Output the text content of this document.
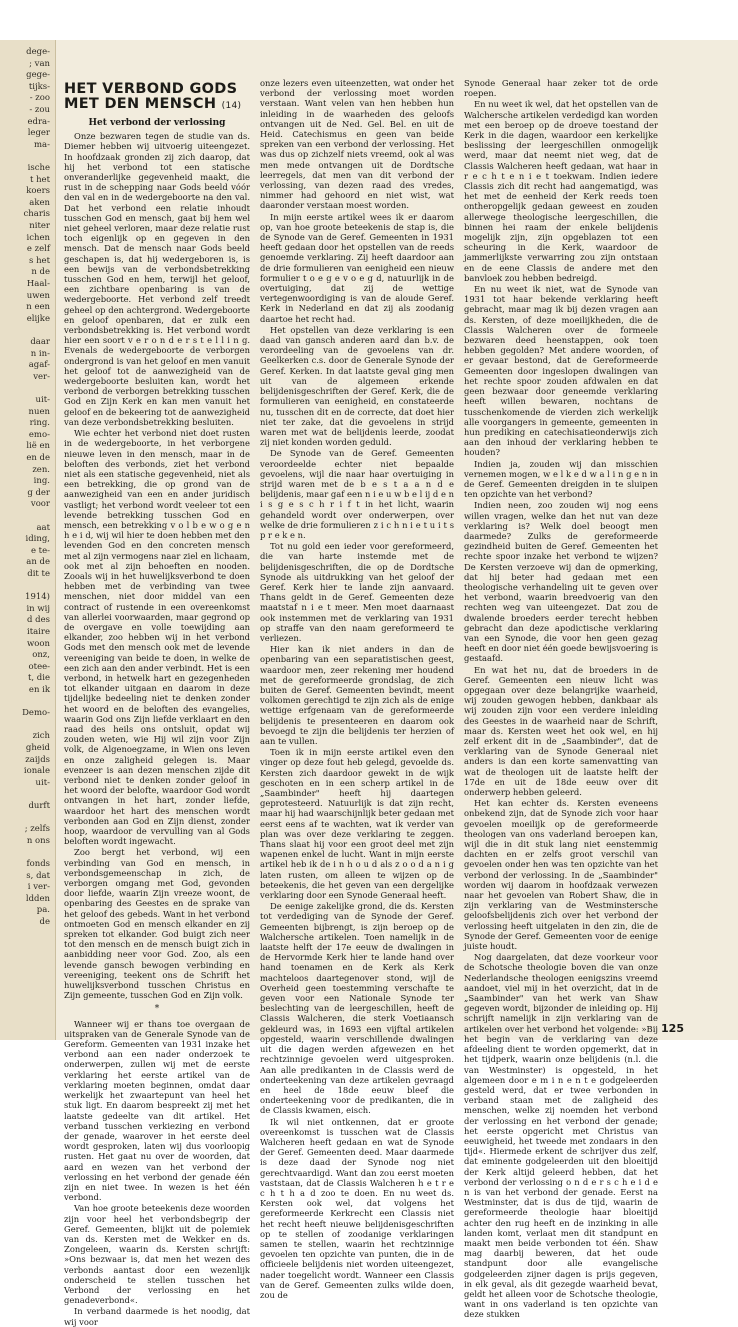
dege-
; van
gege-
tijks-
- zoo
- zou
edra-
leger
ma-
ische
t het
koers
aken
charis
niter
ichen
e zelf
s het
n de
Haal-
uwen
n een
elijke
daar
n in-
agaf-
ver-
uit-
nuen
ring.
emo-
lië en
en de
zen.
ing.
g der
voor
aat
iding,
e te-
an de
dit te
1914)
in wij
d des
itaire
woon
onz,
otee-
t, die
en ik
Demo-
zich
gheid
zaijds
ionale
uit-
durft
; zelfs
n ons
fonds
s, dat
i ver-
ldden
pa.
de
HET VERBOND GODS
MET DEN MENSCH (14)
Het verbond der verlossing

Onze bezwaren tegen de studie van ds. Diemer hebben wij uitvoerig uiteengezet. In hoofdzaak gronden zij zich daarop, dat hij het verbond tot een statische onveranderlijke gegevenheid maakt, die rust in de schepping naar Gods beeld vóór den val en in de wedergeboorte na den val. Dat het verbond een relatie inhoudt tusschen God en mensch, gaat bij hem wel niet geheel verloren, maar deze relatie rust toch eigenlijk op en gegeven in den mensch. Dat de mensch naar Gods beeld geschapen is, dat hij wedergeboren is, is een bewijs van de verbondsbetrekking tusschen God en hem, terwijl het geloof, een zichtbare openbaring is van de wedergeboorte. Het verbond zelf treedt geheel op den achtergrond. Wedergeboorte en geloof openbaren, dat er zulk een verbondsbetrekking is. Het verbond wordt hier een soort v e r o n d e r s t e l l i n g. Evenals de wedergeboorte de verborgen ondergrond is van het geloof en men vanuit het geloof tot de aanwezigheid van de wedergeboorte besluiten kan, wordt het verbond de verborgen betrekking tusschen God en Zijn Kerk en kan men vanuit het geloof en de bekeering tot de aanwezigheid van deze verbondsbetrekking besluiten.

Wie echter het verbond niet doet rusten in de wedergeboorte, in het verborgene nieuwe leven in den mensch, maar in de beloften des verbonds, ziet het verbond niet als een statische gegevenheid, niet als een betrekking, die op grond van de aanwezigheid van een en ander juridisch vastligt; het verbond wordt veeleer tot een levende betrekking tusschen God en mensch, een betrekking v o l b e w o g e n h e i d, wij wil hier te doen hebben met den levenden God en den concreten mensch met al zijn vermogens naar ziel en lichaam, ook met al zijn behoeften en nooden. Zooals wij in het huwelijksverbond te doen hebben met de verbinding van twee menschen, niet door middel van een contract of rustende in een overeenkomst van allerlei voorwaarden, maar gegrond op de overgave en volle toewijding aan elkander, zoo hebben wij in het verbond Gods met den mensch ook met de levende vereeniging van beide te doen, in welke de een zich aan den ander verbindt. Het is een verbond, in hetwelk hart en gezegenheden tot elkander uitgaan en daarom in deze tijdelijke bedeeling niet te denken zonder het woord en de beloften des evangelies, waarin God ons Zijn liefde verklaart en den raad des heils ons ontsluit, opdat wij zouden weten, wie Hij wil zijn voor Zijn volk, de Algenoegzame, in Wien ons leven en onze zaligheid gelegen is. Maar evenzeer is aan dezen menschen zijde dit verbond niet te denken zonder geloof in het woord der belofte, waardoor God wordt ontvangen in het hart, zonder liefde, waardoor het hart des menschen wordt verbonden aan God en Zijn dienst, zonder hoop, waardoor de vervulling van al Gods beloften wordt ingewacht.

Zoo bergt het verbond, wij een verbinding van God en mensch, in verbondsgemeenschap in zich, de verborgen omgang met God, gevonden door liefde, waarin Zijn vreeze woont, de openbaring des Geestes en de sprake van het geloof des gebeds. Want in het verbond ontmoeten God en mensch elkander en zij spreken tot elkander. God buigt zich neer tot den mensch en de mensch buigt zich in aanbidding neer voor God. Zoo, als een levende gansch bewogen verbinding en vereeniging, teekent ons de Schrift het huwelijksverbond tusschen Christus en Zijn gemeente, tusschen God en Zijn volk.

*

Wanneer wij er thans toe overgaan de uitspraken van de Generale Synode van de Gereform. Gemeenten van 1931 inzake het verbond aan een nader onderzoek te onderwerpen, zullen wij met de eerste verklaring het eerste artikel van de verklaring moeten beginnen, omdat daar werkelijk het zwaartepunt van heel het stuk ligt. En daarom bespreekt zij met het laatste gedeelte van dit artikel. Het verband tusschen verkiezing en verbond der genade, waarover in het eerste deel wordt gesproken, laten wij dus voorloopig rusten. Het gaat nu over de woorden, dat aard en wezen van het verbond der verlossing en het verbond der genade één zijn en niet twee. In wezen is het één verbond.

Van hoe groote beteekenis deze woorden zijn voor heel het verbondsbegrip der Geref. Gemeenten, blijkt uit de polemiek van ds. Kersten met de Wekker en ds. Zongeleen, waarin ds. Kersten schrijft: »Ons bezwaar is, dat men het wezen des verbonds aantast door een wezenlijk onderscheid te stellen tusschen het Verbond der verlossing en het genadeverbond«.

In verband daarmede is het noodig, dat wij voor

onze lezers even uiteenzetten, wat onder het verbond der verlossing moet worden verstaan. Want velen van hen hebben hun inleiding in de waarheden des geloofs ontvangen uit de Ned. Gel. Bel. en uit de Heid. Catechismus en geen van beide spreken van een verbond der verlossing. Het was dus op zichzelf niets vreemd, ook al was men mede ontvangen uit de Dordtsche leerregels, dat men van dit verbond der verlossing, van dezen raad des vredes, nimmer had gehoord en niet wist, wat daaronder verstaan moest worden.

In mijn eerste artikel wees ik er daarom op, van hoe groote beteekenis de stap is, die de Synode van de Geref. Gemeenten in 1931 heeft gedaan door het opstellen van de reeds genoemde verklaring. Zij heeft daardoor aan de drie formulieren van eenigheid een nieuw formulier t o e g e v o e g d, natuurlijk in de overtuiging, dat zij de wettige vertegenwoordiging is van de aloude Geref. Kerk in Nederland en dat zij als zoodanig daartoe het recht had.

Het opstellen van deze verklaring is een daad van gansch anderen aard dan b.v. de verordeeling van de gevoelens van dr. Geelkerken c.s. door de Generale Synode der Geref. Kerken. In dat laatste geval ging men uit van de algemeen erkende belijdenisgeschriften der Geref. Kerk, die de formulieren van eenigheid, en constateerde nu, tusschen dit en de correcte, dat doet hier niet ter zake, dat die gevoelens in strijd waren met wat de belijdenis leerde, zoodat zij niet konden worden geduld.

De Synode van de Geref. Gemeenten veroordeelde echter niet bepaalde gevoelens, wijl die naar haar overtuiging in strijd waren met de b e s t a a n d e belijdenis, maar gaf een n i e u w b e l ij d e n i s g e s c h r i f t in het licht, waarin gehandeld wordt over onderwerpen, over welke de drie formulieren z i c h n i e t u i t s p r e k e n.

Tot nu gold een ieder voor gereformeerd, die van harte instemde met de belijdenisgeschriften, die op de Dordtsche Synode als uitdrukking van het geloof der Geref. Kerk hier te lande zijn aanvaard. Thans geldt in de Geref. Gemeenten deze maatstaf n i e t meer. Men moet daarnaast ook instemmen met de verklaring van 1931 op straffe van den naam gereformeerd te verliezen.

Hier kan ik niet anders in dan de openbaring van een separatistischen geest, waardoor men, zeer rekening mer houdend met de gereformeerde grondslag, de zich buiten de Geref. Gemeenten bevindt, meent volkomen gerechtigd te zijn zich als de enige wettige erfgenaam van de gereformeerde belijdenis te presenteeren en daarom ook bevoegd te zijn die belijdenis ter herzien of aan te vullen.

Toen ik in mijn eerste artikel even den vinger op deze fout heb gelegd, gevoelde ds. Kersten zich daardoor gewekt in de wijk geschoten en in een scherp artikel in de „Saambinder" heeft hij daartegen geprotesteerd. Natuurlijk is dat zijn recht, maar hij had waarschijnlijk beter gedaan met eerst eens af te wachten, wat ik verder van plan was over deze verklaring te zeggen. Thans slaat hij voor een groot deel met zijn wapenen enkel de lucht. Want in mijn eerste artikel heb ik de i n h o u d als z o o d a n i g laten rusten, om alleen te wijzen op de beteekenis, die het geven van een dergelijke verklaring door een Synode Generaal heeft.

De eenige zakelijke grond, die ds. Kersten tot verdediging van de Synode der Geref. Gemeenten bijbrengt, is zijn beroep op de Walchersche artikelen. Toen namelijk in de laatste helft der 17e eeuw de dwalingen in de Hervormde Kerk hier te lande hand over hand toenamen en de Kerk als Kerk machteloos daartegenover stond, wijl de Overheid geen toestemming verschafte te geven voor een Nationale Synode ter beslechting van de leergeschillen, heeft de Classis Walcheren, die sterk Voetiaansch gekleurd was, in 1693 een vijftal artikelen opgesteld, waarin verschillende dwalingen uit die dagen werden afgewezen en het rechtzinnige gevoelen werd uitgesproken. Aan alle predikanten in de Classis werd de onderteekening van deze artikelen gevraagd en heel de 18de eeuw bleef die onderteekening voor de predikanten, die in de Classis kwamen, eisch.

Ik wil niet ontkennen, dat er groote overeenkomst is tusschen wat de Classis Walcheren heeft gedaan en wat de Synode der Geref. Gemeenten deed. Maar daarmede is deze daad der Synode nog niet gerechtvaardigd. Want dan zou eerst moeten vaststaan, dat de Classis Walcheren h e t r e c h t h a d zoo te doen. En nu weet ds. Kersten ook wel, dat volgens het gereformeerde Kerkrecht een Classis niet het recht heeft nieuwe belijdenisgeschriften op te stellen of zoodanige verklaringen samen te stellen, waarin het rechtzinnige gevoelen ten opzichte van punten, die in de officieele belijdenis niet worden uiteengezet, nader toegelicht wordt. Wanneer een Classis van de Geref. Gemeenten zulks wilde doen, zou de

Synode Generaal haar zeker tot de orde roepen.

En nu weet ik wel, dat het opstellen van de Walchersche artikelen verdedigd kan worden met een beroep op de droeve toestand der Kerk in die dagen, waardoor een kerkelijke beslissing der leergeschillen onmogelijk werd, maar dat neemt niet weg, dat de Classis Walcheren heeft gedaan, wat haar in r e c h t e n i e t toekwam. Indien iedere Classis zich dit recht had aangematigd, was het met de eenheid der Kerk reeds toen ontheropgelijk gedaan geweest en zouden allerwege theologische leergeschillen, die binnen hei raam der enkele belijdenis mogelijk zijn, zijn opgeblazen tot een scheuring in die Kerk, waardoor de jammerlijkste verwarring zou zijn ontstaan en de eene Classis de andere met den banvloek zou hebben bedreigd.

En nu weet ik niet, wat de Synode van 1931 tot haar bekende verklaring heeft gebracht, maar mag ik bij dezen vragen aan ds. Kersten, of deze moeilijkheden, die de Classis Walcheren over de formeele bezwaren deed heenstappen, ook toen hebben gegolden? Met andere woorden, of er gevaar bestond, dat de Gereformeerde Gemeenten door ingeslopen dwalingen van het rechte spoor zouden afdwalen en dat geen bezwaar door geneemde verklaring heeft willen bewaren, nochtans de tusschenkomende de vierden zich werkelijk alle voorgangers in gemeente, gemeenten in hun prediking en catechisatieonderwijs zich aan den inhoud der verklaring hebben te houden?

Indien ja, zouden wij dan misschien vernemen mogen, w e l k e d w a l i n g e n in de Geref. Gemeenten dreigden in te sluipen ten opzichte van het verbond?

Indien neen, zoo zouden wij nog eens willen vragen, welke dan het nut van deze verklaring is? Welk doel beoogt men daarmede? Zulks de gereformeerde gezindheid buiten de Geref. Gemeenten het rechte spoor inzake het verbond te wijzen? De Kersten verzoeve wij dan de opmerking, dat hij beter had gedaan met een theologische verhandeling uit te geven over het verbond, waarin breedvoerig van den rechten weg van uiteengezet. Dat zou de dwalende broeders eerder terecht hebben gebracht dan deze apodictische verklaring van een Synode, die voor hen geen gezag heeft en door niet één goede bewijsvoering is gestaafd.

En wat het nu, dat de broeders in de Geref. Gemeenten een nieuw licht was opgegaan over deze belangrijke waarheid, wij zouden gewogen hebben, dankbaar als wij zouden zijn voor een verdere inleiding des Geestes in de waarheid naar de Schrift, maar ds. Kersten weet het ook wel, en hij zelf erkent dit in de „Saambinder", dat de verklaring van de Synode Generaal niet anders is dan een korte samenvatting van wat de theologen uit de laatste helft der 17de en uit de 18de eeuw over dit onderwerp hebben geleerd.

Het kan echter ds. Kersten eveneens onbekend zijn, dat de Synode zich voor haar gevoelen moeilijk op de gereformeerde theologen van ons vaderland beroepen kan, wijl die in dit stuk lang niet eenstemmig dachten en er zelfs groot verschil van gevoelen onder hen was ten opzichte van het verbond der verlossing. In de „Saambinder" worden wij daarom in hoofdzaak verwezen naar het gevoelen van Robert Shaw, die in zijn verklaring van de Westminstersche geloofsbelijdenis zich over het verbond der verlossing heeft uitgelaten in den zin, die de Synode der Geref. Gemeenten voor de eenige juiste houdt.

Nog daargelaten, dat deze voorkeur voor de Schotsche theologie boven die van onze Nederlandsche theologen eenigszins vreemd aandoet, viel mij in het overzicht, dat in de „Saambinder" van het werk van Shaw gegeven wordt, bijzonder de inleiding op. Hij schrijft namelijk in zijn verklaring van de artikelen over het verbond het volgende: »Bij het begin van de verklaring van deze afdeeling dient te worden opgemerkt, dat in het tijdperk, waarin onze belijdenis (n.l. die van Westminster) is opgesteld, in het algemeen door e m i n e n t e godgeleerden gesteld werd, dat er twee verbonden in verband staan met de zaligheid des menschen, welke zij noemden het verbond der verlossing en het verbond der genade; het eerste opgericht met Christus van eeuwigheid, het tweede met zondaars in den tijd«. Hiermede erkent de schrijver dus zelf, dat eminente godgeleerden uit den bloeitijd der Kerk altijd geleerd hebben, dat het verbond der verlossing o n d e r s c h e i d e n is van het verbond der genade. Eerst na Westminster, dat is dus de tijd, waarin de gereformeerde theologie haar bloeitijd achter den rug heeft en de inzinking in alle landen komt, verlaat men dit standpunt en maakt men beide verbonden tot één. Shaw mag daarbij beweren, dat het oude standpunt door alle evangelische godgeleerden zijner dagen is prijs gegeven, in elk geval, als dit gezegde waarheid bevat, geldt het alleen voor de Schotsche theologie, want in ons vaderland is ten opzichte van deze stukken

125
